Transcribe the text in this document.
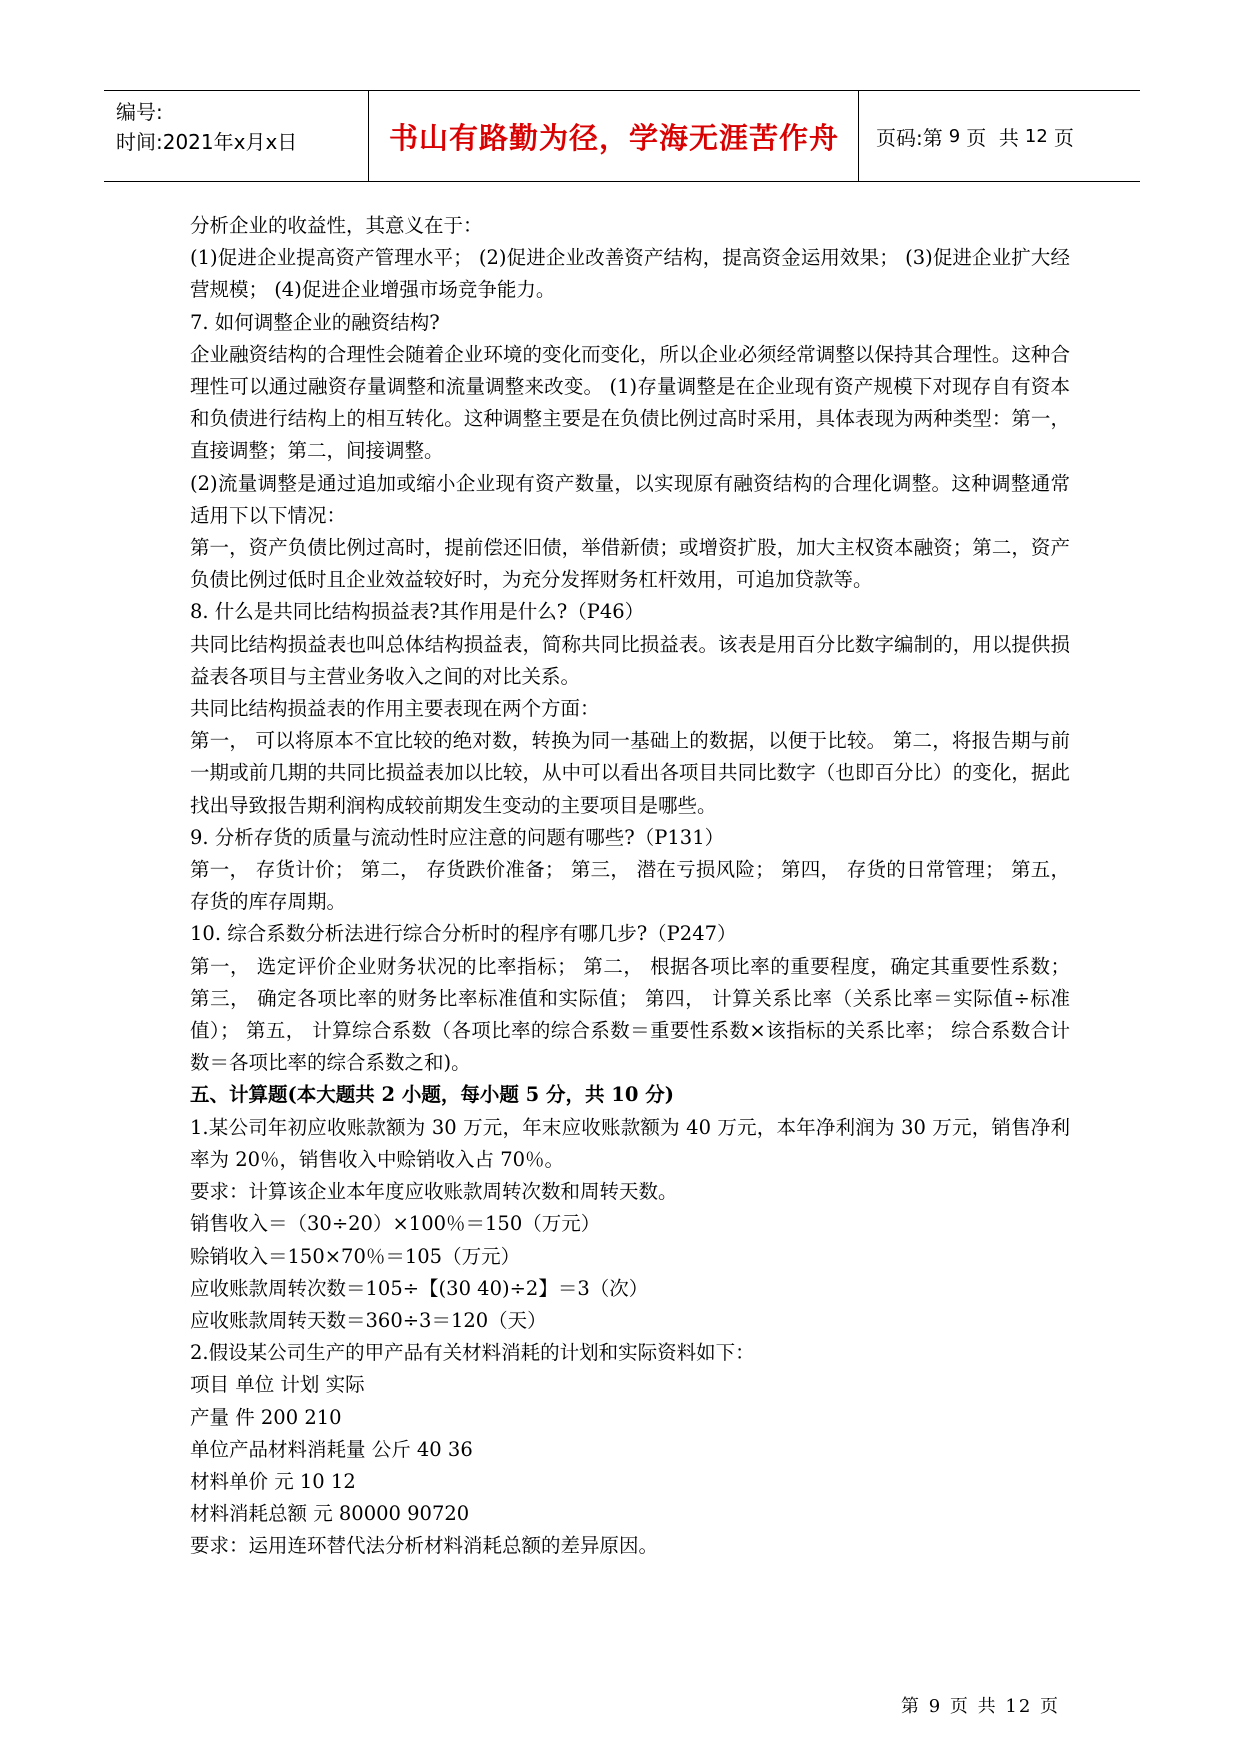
编号:
时间:2021年x月x日	书山有路勤为径，学海无涯苦作舟	页码:第 9 页  共 12 页

分析企业的收益性，其意义在于：

(1)促进企业提高资产管理水平； (2)促进企业改善资产结构，提高资金运用效果； (3)促进企业扩大经营规模； (4)促进企业增强市场竞争能力。

7. 如何调整企业的融资结构?

企业融资结构的合理性会随着企业环境的变化而变化，所以企业必须经常调整以保持其合理性。这种合理性可以通过融资存量调整和流量调整来改变。 (1)存量调整是在企业现有资产规模下对现存自有资本和负债进行结构上的相互转化。这种调整主要是在负债比例过高时采用，具体表现为两种类型：第一，直接调整；第二，间接调整。

(2)流量调整是通过追加或缩小企业现有资产数量，以实现原有融资结构的合理化调整。这种调整通常适用下以下情况：

第一，资产负债比例过高时，提前偿还旧债，举借新债；或增资扩股，加大主权资本融资；第二，资产负债比例过低时且企业效益较好时，为充分发挥财务杠杆效用，可追加贷款等。

8. 什么是共同比结构损益表?其作用是什么?（P46）

共同比结构损益表也叫总体结构损益表，简称共同比损益表。该表是用百分比数字编制的，用以提供损益表各项目与主营业务收入之间的对比关系。

共同比结构损益表的作用主要表现在两个方面：

第一， 可以将原本不宜比较的绝对数，转换为同一基础上的数据，以便于比较。 第二，将报告期与前一期或前几期的共同比损益表加以比较，从中可以看出各项目共同比数字（也即百分比）的变化，据此找出导致报告期利润构成较前期发生变动的主要项目是哪些。

9. 分析存货的质量与流动性时应注意的问题有哪些?（P131）

第一， 存货计价； 第二， 存货跌价准备； 第三， 潜在亏损风险； 第四， 存货的日常管理； 第五， 存货的库存周期。

10. 综合系数分析法进行综合分析时的程序有哪几步?（P247）

第一， 选定评价企业财务状况的比率指标； 第二， 根据各项比率的重要程度，确定其重要性系数； 第三， 确定各项比率的财务比率标准值和实际值； 第四， 计算关系比率（关系比率＝实际值÷标准值）； 第五， 计算综合系数（各项比率的综合系数＝重要性系数×该指标的关系比率； 综合系数合计数＝各项比率的综合系数之和)。

五、计算题(本大题共 2 小题，每小题 5 分，共 10 分)

1.某公司年初应收账款额为 30 万元，年末应收账款额为 40 万元，本年净利润为 30 万元，销售净利率为 20％，销售收入中赊销收入占 70％。

要求：计算该企业本年度应收账款周转次数和周转天数。

销售收入＝（30÷20）×100％＝150（万元）

赊销收入＝150×70％＝105（万元）

应收账款周转次数＝105÷【(30 40)÷2】＝3（次）

应收账款周转天数＝360÷3＝120（天）

2.假设某公司生产的甲产品有关材料消耗的计划和实际资料如下：

项目 单位 计划 实际

产量 件 200 210

单位产品材料消耗量 公斤 40 36

材料单价 元 10 12

材料消耗总额 元 80000 90720

要求：运用连环替代法分析材料消耗总额的差异原因。

第 9 页 共 12 页
